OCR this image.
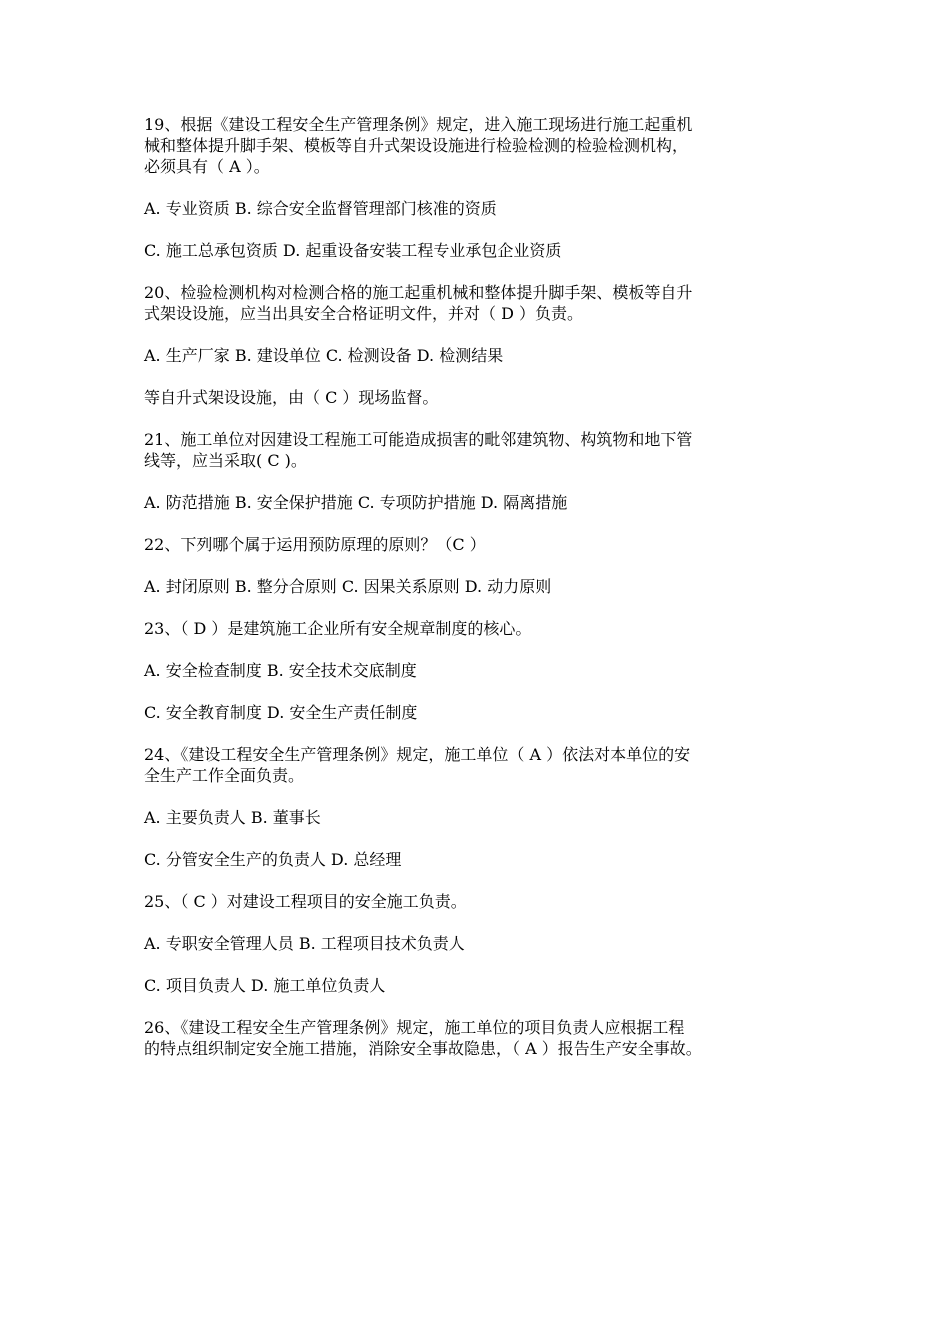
19、根据《建设工程安全生产管理条例》规定，进入施工现场进行施工起重机
械和整体提升脚手架、模板等自升式架设设施进行检验检测的检验检测机构，
必须具有（ A ）。

A. 专业资质 B. 综合安全监督管理部门核准的资质

C. 施工总承包资质 D. 起重设备安装工程专业承包企业资质

20、检验检测机构对检测合格的施工起重机械和整体提升脚手架、模板等自升
式架设设施，应当出具安全合格证明文件，并对（ D ）负责。

A. 生产厂家 B. 建设单位 C. 检测设备 D. 检测结果

等自升式架设设施，由（ C ）现场监督。

21、施工单位对因建设工程施工可能造成损害的毗邻建筑物、构筑物和地下管
线等，应当采取( C )。

A. 防范措施 B. 安全保护措施 C. 专项防护措施 D. 隔离措施

22、下列哪个属于运用预防原理的原则？（C ）

A. 封闭原则 B. 整分合原则 C. 因果关系原则 D. 动力原则

23、（ D ）是建筑施工企业所有安全规章制度的核心。

A. 安全检查制度 B. 安全技术交底制度

C. 安全教育制度 D. 安全生产责任制度

24、《建设工程安全生产管理条例》规定，施工单位（ A ）依法对本单位的安
全生产工作全面负责。

A. 主要负责人 B. 董事长

C. 分管安全生产的负责人 D. 总经理

25、（ C ）对建设工程项目的安全施工负责。

A. 专职安全管理人员 B. 工程项目技术负责人

C. 项目负责人 D. 施工单位负责人

26、《建设工程安全生产管理条例》规定，施工单位的项目负责人应根据工程
的特点组织制定安全施工措施，消除安全事故隐患，（ A ）报告生产安全事故。
